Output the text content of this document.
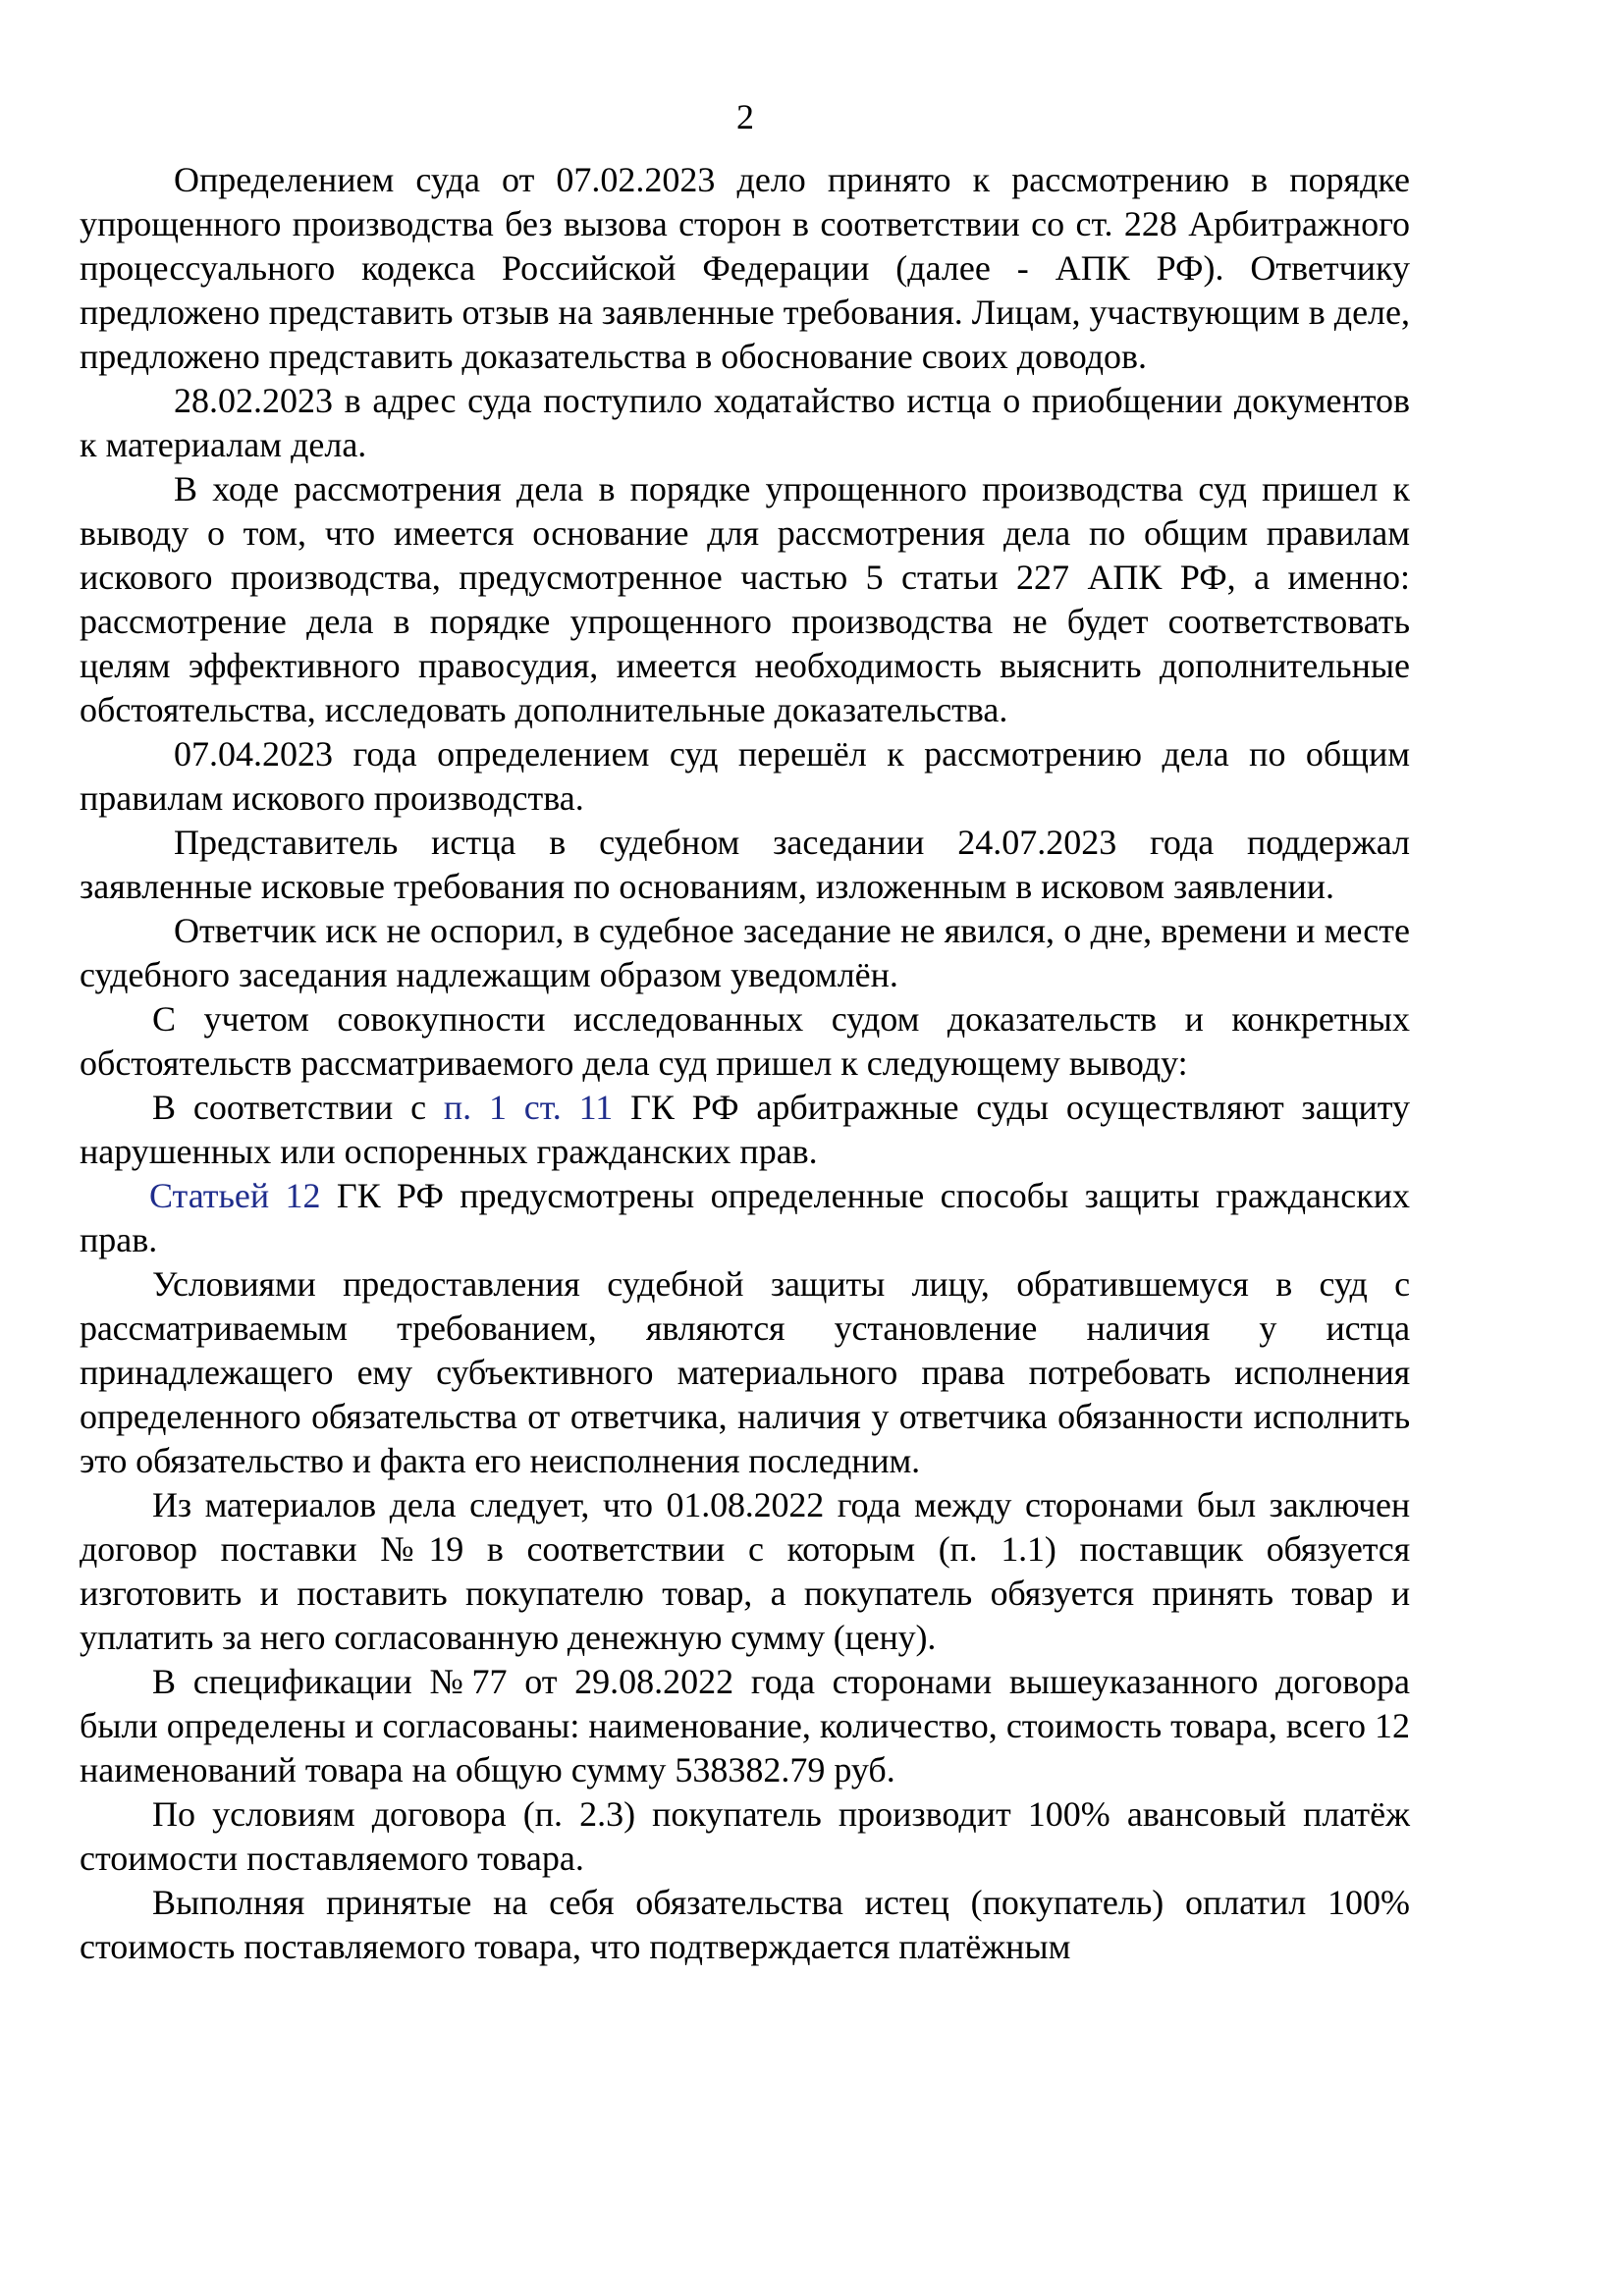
2

Определением суда от 07.02.2023 дело принято к рассмотрению в порядке упрощенного производства без вызова сторон в соответствии со ст. 228 Арбитражного процессуального кодекса Российской Федерации (далее - АПК РФ). Ответчику предложено представить отзыв на заявленные требования. Лицам, участвующим в деле, предложено представить доказательства в обоснование своих доводов.

28.02.2023 в адрес суда поступило ходатайство истца о приобщении документов к материалам дела.

В ходе рассмотрения дела в порядке упрощенного производства суд пришел к выводу о том, что имеется основание для рассмотрения дела по общим правилам искового производства, предусмотренное частью 5 статьи 227 АПК РФ, а именно: рассмотрение дела в порядке упрощенного производства не будет соответствовать целям эффективного правосудия, имеется необходимость выяснить дополнительные обстоятельства, исследовать дополнительные доказательства.

07.04.2023 года определением суд перешёл к рассмотрению дела по общим правилам искового производства.

Представитель истца в судебном заседании 24.07.2023 года поддержал заявленные исковые требования по основаниям, изложенным в исковом заявлении.

Ответчик иск не оспорил, в судебное заседание не явился, о дне, времени и месте судебного заседания надлежащим образом уведомлён.

С учетом совокупности исследованных судом доказательств и конкретных обстоятельств рассматриваемого дела суд пришел к следующему выводу:

В соответствии с п. 1 ст. 11 ГК РФ арбитражные суды осуществляют защиту нарушенных или оспоренных гражданских прав.

Статьей 12 ГК РФ предусмотрены определенные способы защиты гражданских прав.

Условиями предоставления судебной защиты лицу, обратившемуся в суд с рассматриваемым требованием, являются установление наличия у истца принадлежащего ему субъективного материального права потребовать исполнения определенного обязательства от ответчика, наличия у ответчика обязанности исполнить это обязательство и факта его неисполнения последним.

Из материалов дела следует, что 01.08.2022 года между сторонами был заключен договор поставки №19 в соответствии с которым (п. 1.1) поставщик обязуется изготовить и поставить покупателю товар, а покупатель обязуется принять товар и уплатить за него согласованную денежную сумму (цену).

В спецификации №77 от 29.08.2022 года сторонами вышеуказанного договора были определены и согласованы: наименование, количество, стоимость товара, всего 12 наименований товара на общую сумму 538382.79 руб.

По условиям договора (п. 2.3) покупатель производит 100% авансовый платёж стоимости поставляемого товара.

Выполняя принятые на себя обязательства истец (покупатель) оплатил 100% стоимость поставляемого товара, что подтверждается платёжным
